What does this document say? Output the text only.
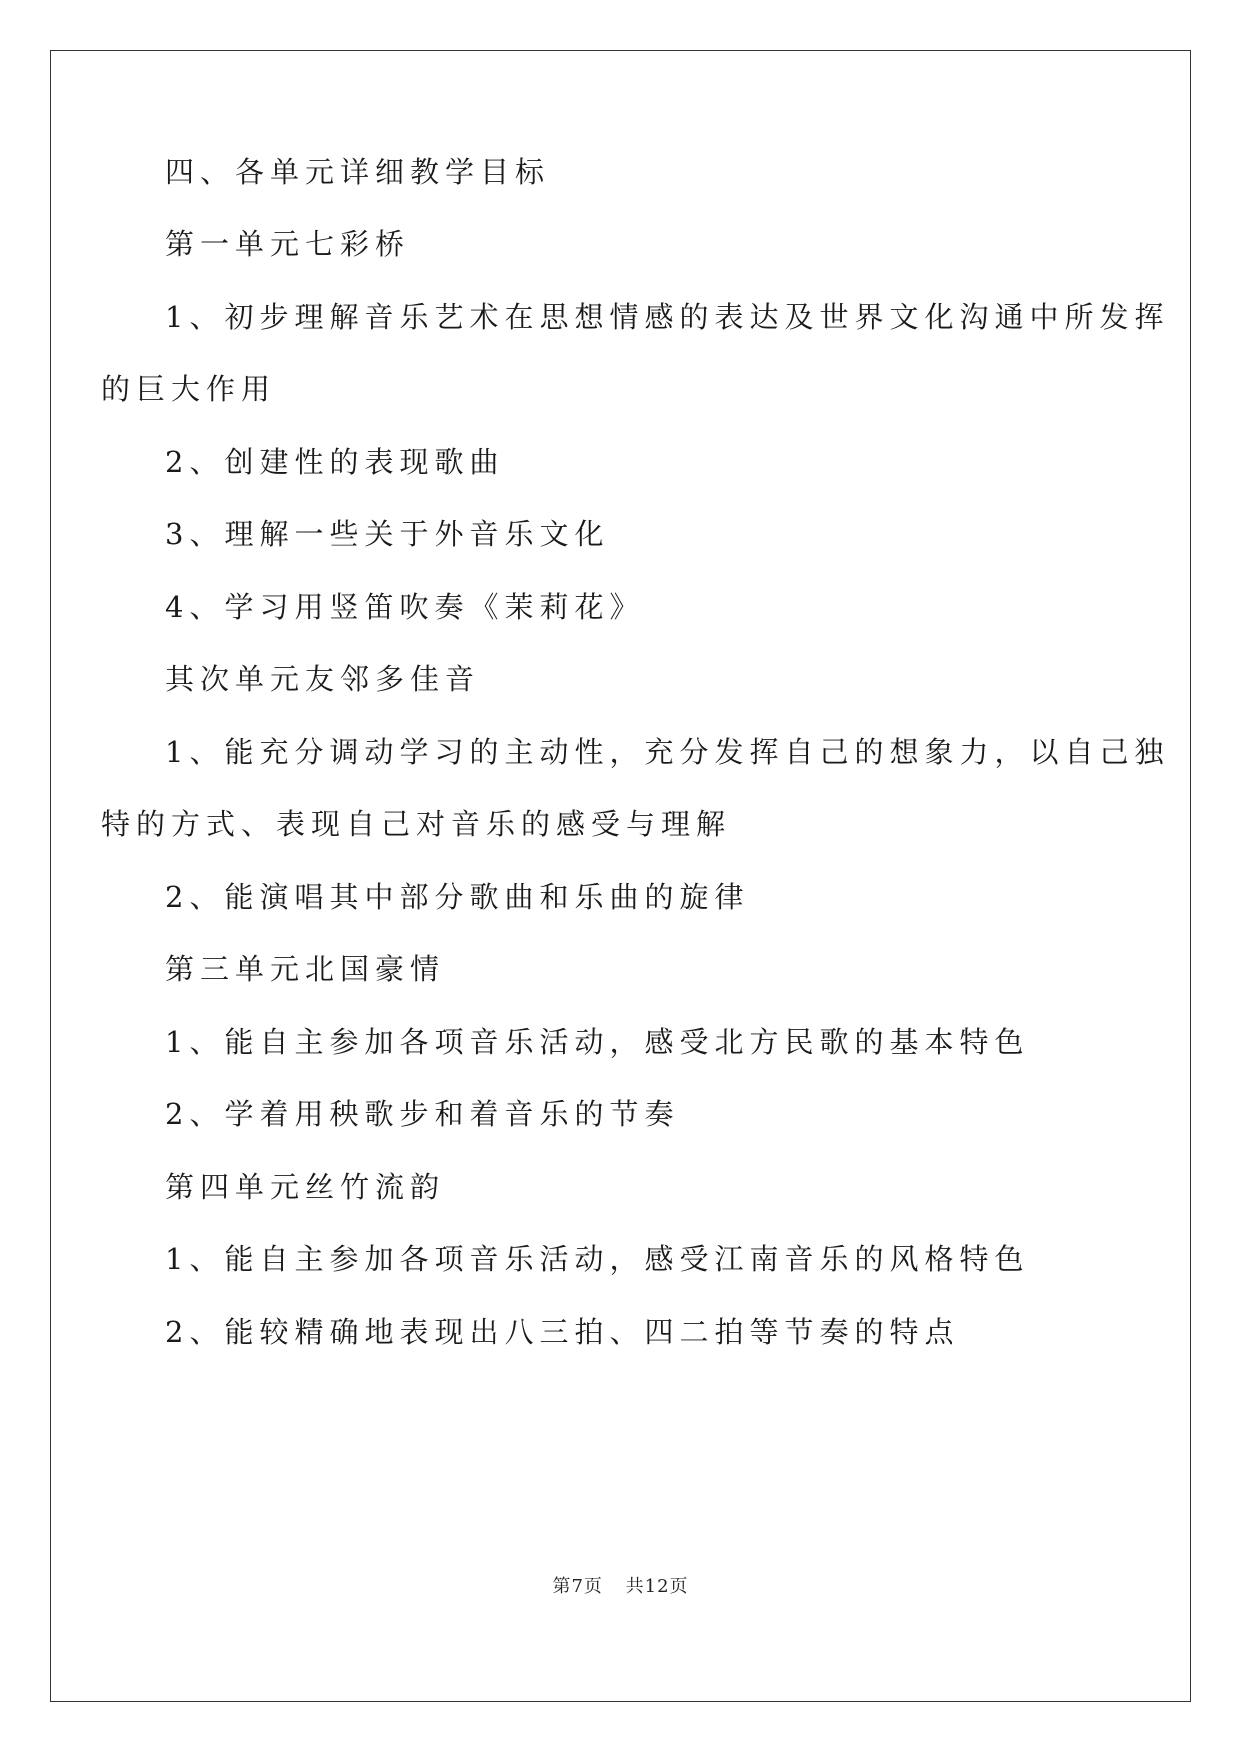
四、各单元详细教学目标
第一单元七彩桥
1、初步理解音乐艺术在思想情感的表达及世界文化沟通中所发挥
的巨大作用
2、创建性的表现歌曲
3、理解一些关于外音乐文化
4、学习用竖笛吹奏《茉莉花》
其次单元友邻多佳音
1、能充分调动学习的主动性，充分发挥自己的想象力，以自己独
特的方式、表现自己对音乐的感受与理解
2、能演唱其中部分歌曲和乐曲的旋律
第三单元北国豪情
1、能自主参加各项音乐活动，感受北方民歌的基本特色
2、学着用秧歌步和着音乐的节奏
第四单元丝竹流韵
1、能自主参加各项音乐活动，感受江南音乐的风格特色
2、能较精确地表现出八三拍、四二拍等节奏的特点
第7页 共12页
